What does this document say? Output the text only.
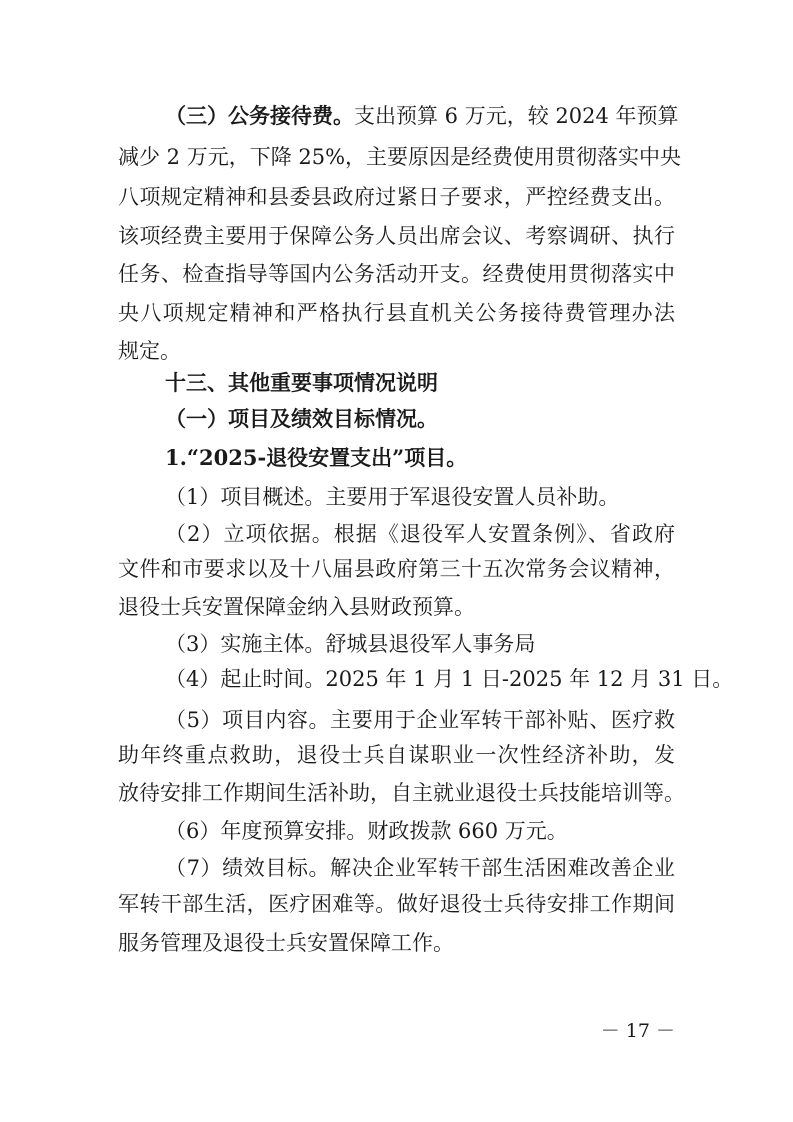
（三）公务接待费。支出预算 6 万元，较 2024 年预算
减少 2 万元，下降 25%，主要原因是经费使用贯彻落实中央
八项规定精神和县委县政府过紧日子要求，严控经费支出。
该项经费主要用于保障公务人员出席会议、考察调研、执行
任务、检查指导等国内公务活动开支。经费使用贯彻落实中
央八项规定精神和严格执行县直机关公务接待费管理办法
规定。
十三、其他重要事项情况说明
（一）项目及绩效目标情况。
1.“2025-退役安置支出”项目。
（1）项目概述。主要用于军退役安置人员补助。
（2）立项依据。根据《退役军人安置条例》、省政府
文件和市要求以及十八届县政府第三十五次常务会议精神，
退役士兵安置保障金纳入县财政预算。
（3）实施主体。舒城县退役军人事务局
（4）起止时间。2025 年 1 月 1 日-2025 年 12 月 31 日。
（5）项目内容。主要用于企业军转干部补贴、医疗救
助年终重点救助，退役士兵自谋职业一次性经济补助，发
放待安排工作期间生活补助，自主就业退役士兵技能培训等。
（6）年度预算安排。财政拨款 660 万元。
（7）绩效目标。解决企业军转干部生活困难改善企业
军转干部生活，医疗困难等。做好退役士兵待安排工作期间
服务管理及退役士兵安置保障工作。
－ 17 －
